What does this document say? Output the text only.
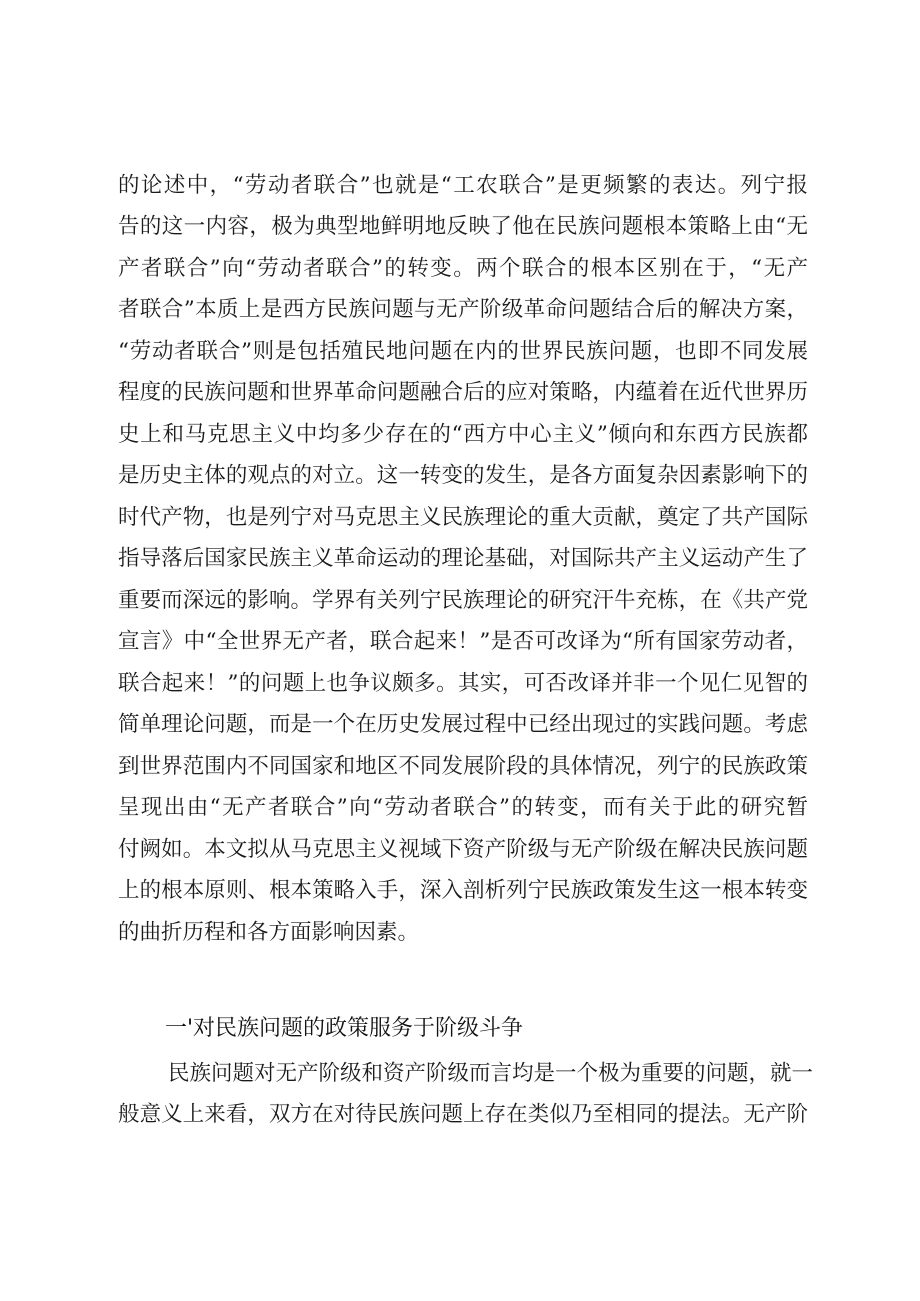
的论述中，“劳动者联合”也就是“工农联合”是更频繁的表达。列宁报
告的这一内容，极为典型地鲜明地反映了他在民族问题根本策略上由“无
产者联合”向“劳动者联合”的转变。两个联合的根本区别在于，“无产
者联合”本质上是西方民族问题与无产阶级革命问题结合后的解决方案，
“劳动者联合”则是包括殖民地问题在内的世界民族问题，也即不同发展
程度的民族问题和世界革命问题融合后的应对策略，内蕴着在近代世界历
史上和马克思主义中均多少存在的“西方中心主义”倾向和东西方民族都
是历史主体的观点的对立。这一转变的发生，是各方面复杂因素影响下的
时代产物，也是列宁对马克思主义民族理论的重大贡献，奠定了共产国际
指导落后国家民族主义革命运动的理论基础，对国际共产主义运动产生了
重要而深远的影响。学界有关列宁民族理论的研究汗牛充栋，在《共产党
宣言》中“全世界无产者，联合起来！”是否可改译为“所有国家劳动者，
联合起来！”的问题上也争议颇多。其实，可否改译并非一个见仁见智的
简单理论问题，而是一个在历史发展过程中已经出现过的实践问题。考虑
到世界范围内不同国家和地区不同发展阶段的具体情况，列宁的民族政策
呈现出由“无产者联合”向“劳动者联合”的转变，而有关于此的研究暂
付阙如。本文拟从马克思主义视域下资产阶级与无产阶级在解决民族问题
上的根本原则、根本策略入手，深入剖析列宁民族政策发生这一根本转变
的曲折历程和各方面影响因素。
一'对民族问题的政策服务于阶级斗争
民族问题对无产阶级和资产阶级而言均是一个极为重要的问题，就一
般意义上来看，双方在对待民族问题上存在类似乃至相同的提法。无产阶
